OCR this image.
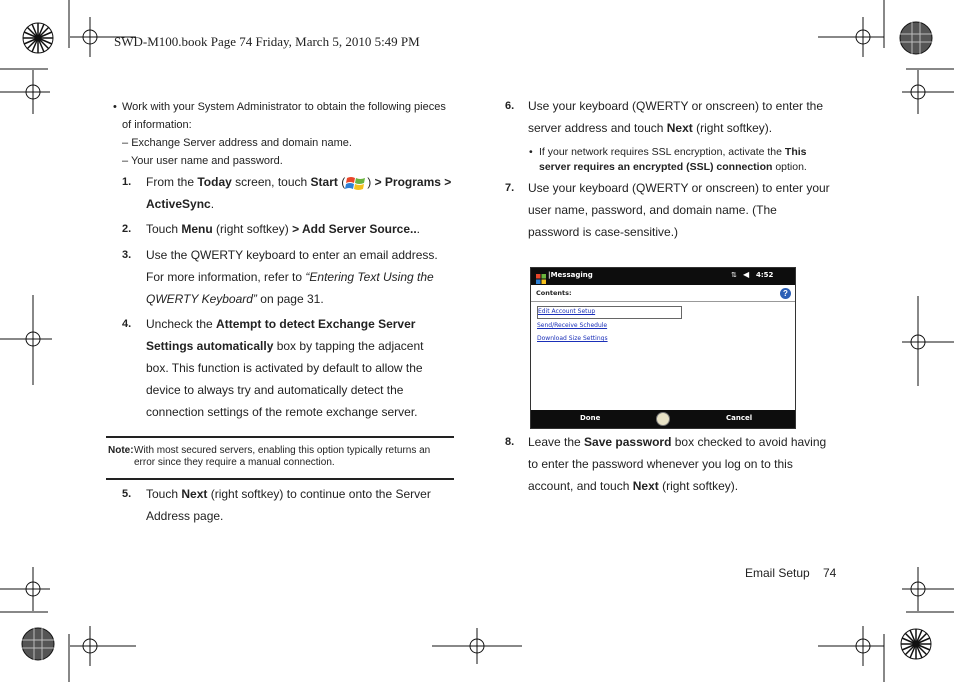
SWD-M100.book Page 74 Friday, March 5, 2010 5:49 PM
• Work with your System Administrator to obtain the following pieces of information:
– Exchange Server address and domain name.
– Your user name and password.
1. From the Today screen, touch Start ( ) > Programs > ActiveSync.
2. Touch Menu (right softkey) > Add Server Source...
3. Use the QWERTY keyboard to enter an email address. For more information, refer to “Entering Text Using the QWERTY Keyboard” on page 31.
4. Uncheck the Attempt to detect Exchange Server Settings automatically box by tapping the adjacent box. This function is activated by default to allow the device to always try and automatically detect the connection settings of the remote exchange server.
Note: With most secured servers, enabling this option typically returns an error since they require a manual connection.
5. Touch Next (right softkey) to continue onto the Server Address page.
6. Use your keyboard (QWERTY or onscreen) to enter the server address and touch Next (right softkey).
• If your network requires SSL encryption, activate the This server requires an encrypted (SSL) connection option.
7. Use your keyboard (QWERTY or onscreen) to enter your user name, password, and domain name. (The password is case-sensitive.)
|Messaging	⇅ ◀ 4:52
Contents:	?
Edit Account Setup
Send/Receive Schedule
Download Size Settings
Done	Cancel
8. Leave the Save password box checked to avoid having to enter the password whenever you log on to this account, and touch Next (right softkey).
Email Setup 74
